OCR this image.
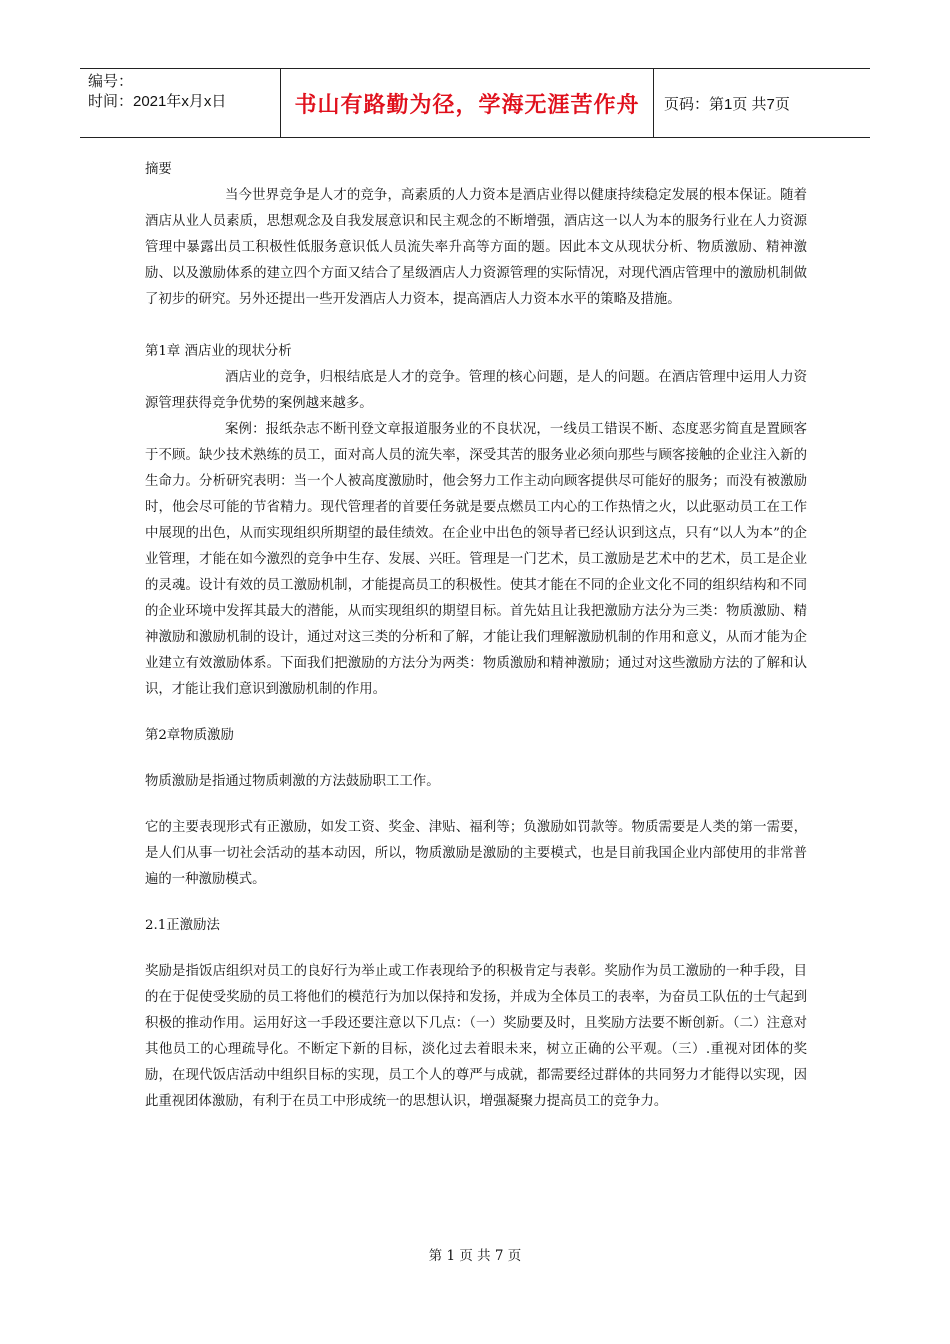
编号：
时间：2021年x月x日	书山有路勤为径，学海无涯苦作舟 页码：第1页 共7页

摘要

当今世界竞争是人才的竞争，高素质的人力资本是酒店业得以健康持续稳定发展的根本保证。随着酒店从业人员素质，思想观念及自我发展意识和民主观念的不断增强，酒店这一以人为本的服务行业在人力资源管理中暴露出员工积极性低服务意识低人员流失率升高等方面的题。因此本文从现状分析、物质激励、精神激励、以及激励体系的建立四个方面又结合了星级酒店人力资源管理的实际情况，对现代酒店管理中的激励机制做了初步的研究。另外还提出一些开发酒店人力资本，提高酒店人力资本水平的策略及措施。

第1章 酒店业的现状分析

酒店业的竞争，归根结底是人才的竞争。管理的核心问题，是人的问题。在酒店管理中运用人力资源管理获得竞争优势的案例越来越多。

案例：报纸杂志不断刊登文章报道服务业的不良状况，一线员工错误不断、态度恶劣简直是置顾客于不顾。缺少技术熟练的员工，面对高人员的流失率，深受其苦的服务业必须向那些与顾客接触的企业注入新的生命力。分析研究表明：当一个人被高度激励时，他会努力工作主动向顾客提供尽可能好的服务；而没有被激励时，他会尽可能的节省精力。现代管理者的首要任务就是要点燃员工内心的工作热情之火，以此驱动员工在工作中展现的出色，从而实现组织所期望的最佳绩效。在企业中出色的领导者已经认识到这点，只有“以人为本”的企业管理，才能在如今激烈的竞争中生存、发展、兴旺。管理是一门艺术，员工激励是艺术中的艺术，员工是企业的灵魂。设计有效的员工激励机制，才能提高员工的积极性。使其才能在不同的企业文化不同的组织结构和不同的企业环境中发挥其最大的潜能，从而实现组织的期望目标。首先姑且让我把激励方法分为三类：物质激励、精神激励和激励机制的设计，通过对这三类的分析和了解，才能让我们理解激励机制的作用和意义，从而才能为企业建立有效激励体系。下面我们把激励的方法分为两类：物质激励和精神激励；通过对这些激励方法的了解和认识，才能让我们意识到激励机制的作用。

第2章物质激励

物质激励是指通过物质刺激的方法鼓励职工工作。

它的主要表现形式有正激励，如发工资、奖金、津贴、福利等；负激励如罚款等。物质需要是人类的第一需要，是人们从事一切社会活动的基本动因，所以，物质激励是激励的主要模式，也是目前我国企业内部使用的非常普遍的一种激励模式。

2.1正激励法

奖励是指饭店组织对员工的良好行为举止或工作表现给予的积极肯定与表彰。奖励作为员工激励的一种手段，目的在于促使受奖励的员工将他们的模范行为加以保持和发扬，并成为全体员工的表率，为奋员工队伍的士气起到积极的推动作用。运用好这一手段还要注意以下几点：（一）奖励要及时，且奖励方法要不断创新。（二）注意对其他员工的心理疏导化。不断定下新的目标，淡化过去着眼未来，树立正确的公平观。（三）.重视对团体的奖励，在现代饭店活动中组织目标的实现，员工个人的尊严与成就，都需要经过群体的共同努力才能得以实现，因此重视团体激励，有利于在员工中形成统一的思想认识，增强凝聚力提高员工的竞争力。

第 1 页 共 7 页
